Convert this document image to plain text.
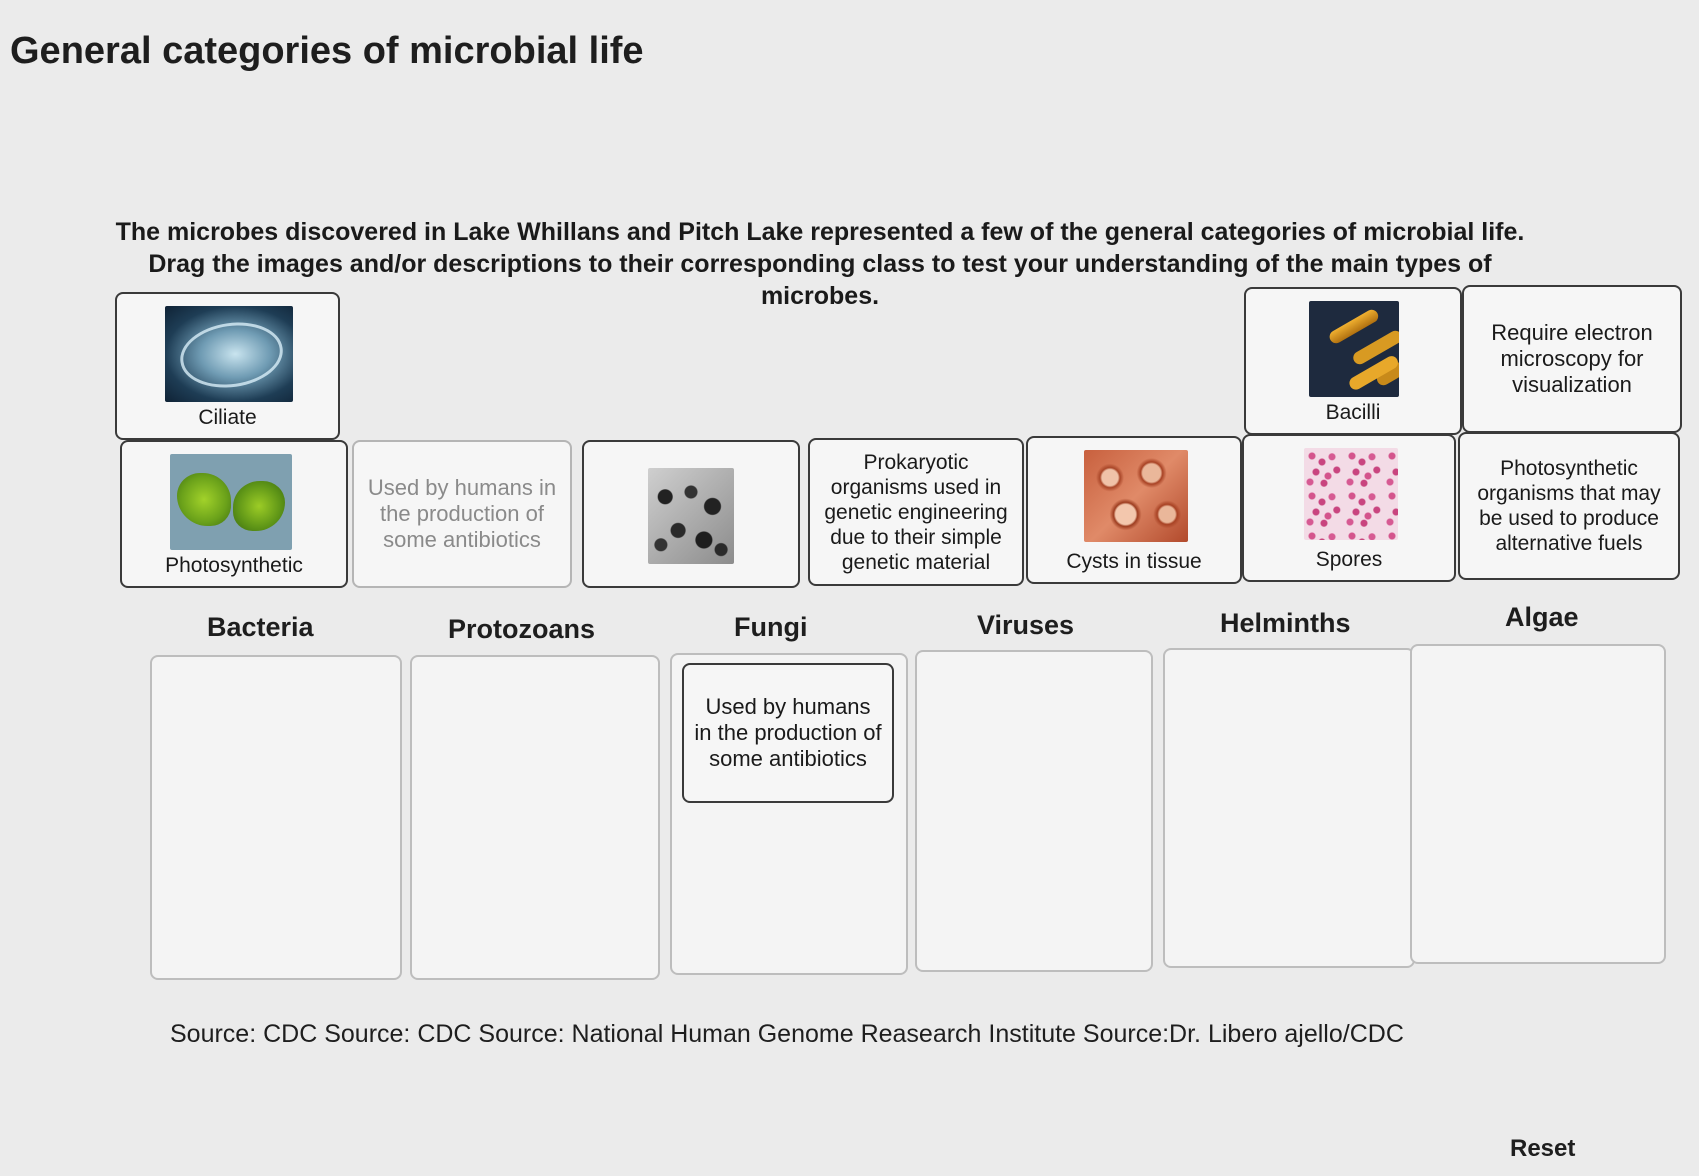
General categories of microbial life
The microbes discovered in Lake Whillans and Pitch Lake represented a few of the general categories of microbial life. Drag the images and/or descriptions to their corresponding class to test your understanding of the main types of microbes.
Ciliate	Bacilli
Require electron microscopy for visualization
Photosynthetic
Used by humans in the production of some antibiotics
Prokaryotic organisms used in genetic engineering due to their simple genetic material	Cysts in tissue	Spores
Photosynthetic organisms that may be used to produce alternative fuels
Bacteria	Protozoans	Fungi	Viruses	Helminths	Algae
Used by humans in the production of some antibiotics
Source: CDC Source: CDC Source: National Human Genome Reasearch Institute Source:Dr. Libero ajello/CDC
Reset
